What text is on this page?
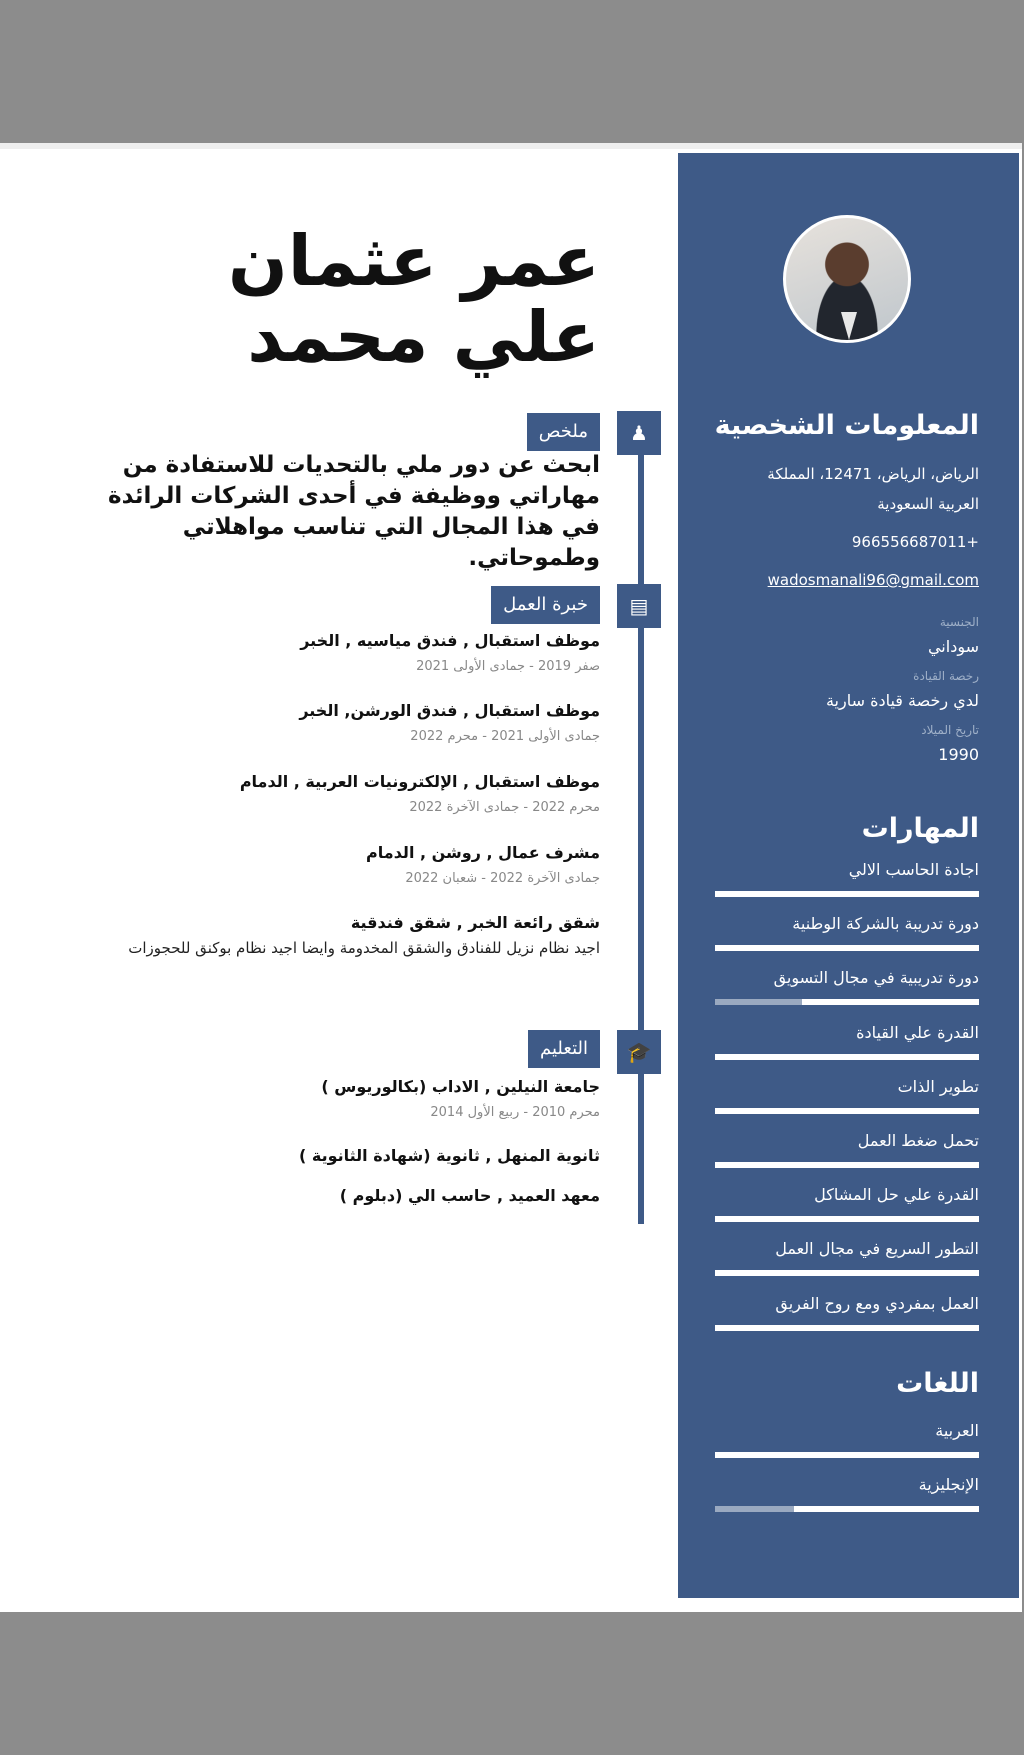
المعلومات الشخصية
الرياض، الرياض، 12471، المملكة
العربية السعودية
+966556687011
wadosmanali96@gmail.com
الجنسية
سوداني
رخصة القيادة
لدي رخصة قيادة سارية
تاريخ الميلاد
1990
المهارات
اجادة الحاسب الالي
دورة تدريبة بالشركة الوطنية
دورة تدريبية في مجال التسويق
القدرة علي القيادة
تطوير الذات
تحمل ضغط العمل
القدرة علي حل المشاكل
التطور السريع في مجال العمل
العمل بمفردي ومع روح الفريق
اللغات
العربية
الإنجليزية
عمر عثمان
علي محمد
♟
ملخص
ابحث عن دور ملي بالتحديات للاستفادة من مهاراتي ووظيفة في أحدى الشركات الرائدة في هذا المجال التي تناسب مواهلاتي وطموحاتي.
▤
خبرة العمل
موظف استقبال , فندق مياسيه , الخبر
صفر 2019 - جمادى الأولى 2021
موظف استقبال , فندق الورشن, الخبر
جمادى الأولى 2021 - محرم 2022
موظف استقبال , الإلكترونيات العربية , الدمام
محرم 2022 - جمادى الآخرة 2022
مشرف عمال , روشن , الدمام
جمادى الآخرة 2022 - شعبان 2022
شقق رائعة الخبر , شقق فندقية
اجيد نظام نزيل للفنادق والشقق المخدومة وايضا اجيد نظام بوكنق للحجوزات
🎓
التعليم
جامعة النيلين , الاداب (بكالوريوس )
محرم 2010 - ربيع الأول 2014
ثانوية المنهل , ثانوية (شهادة الثانوية )
معهد العميد , حاسب الي (دبلوم )
